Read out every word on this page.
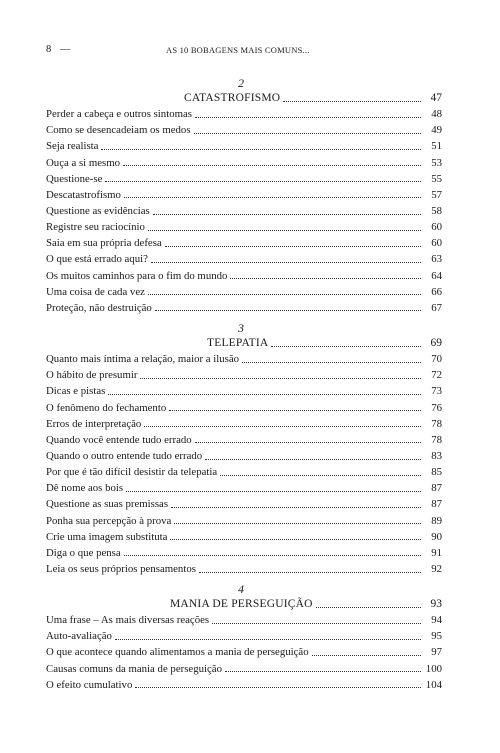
8 —	AS 10 BOBAGENS MAIS COMUNS...
2
CATASTROFISMO	47
Perder a cabeça e outros sintomas	48
Como se desencadeiam os medos	49
Seja realista	51
Ouça a si mesmo	53
Questione-se	55
Descatastrofismo	57
Questione as evidências	58
Registre seu raciocínio	60
Saia em sua própria defesa	60
O que está errado aqui?	63
Os muitos caminhos para o fim do mundo	64
Uma coisa de cada vez	66
Proteção, não destruição	67
3
TELEPATIA	69
Quanto mais íntima a relação, maior a ilusão	70
O hábito de presumir	72
Dicas e pistas	73
O fenômeno do fechamento	76
Erros de interpretação	78
Quando você entende tudo errado	78
Quando o outro entende tudo errado	83
Por que é tão difícil desistir da telepatia	85
Dê nome aos bois	87
Questione as suas premissas	87
Ponha sua percepção à prova	89
Crie uma imagem substituta	90
Diga o que pensa	91
Leia os seus próprios pensamentos	92
4
MANIA DE PERSEGUIÇÃO	93
Uma frase – As mais diversas reações	94
Auto-avaliação	95
O que acontece quando alimentamos a mania de perseguição	97
Causas comuns da mania de perseguição	100
O efeito cumulativo	104
